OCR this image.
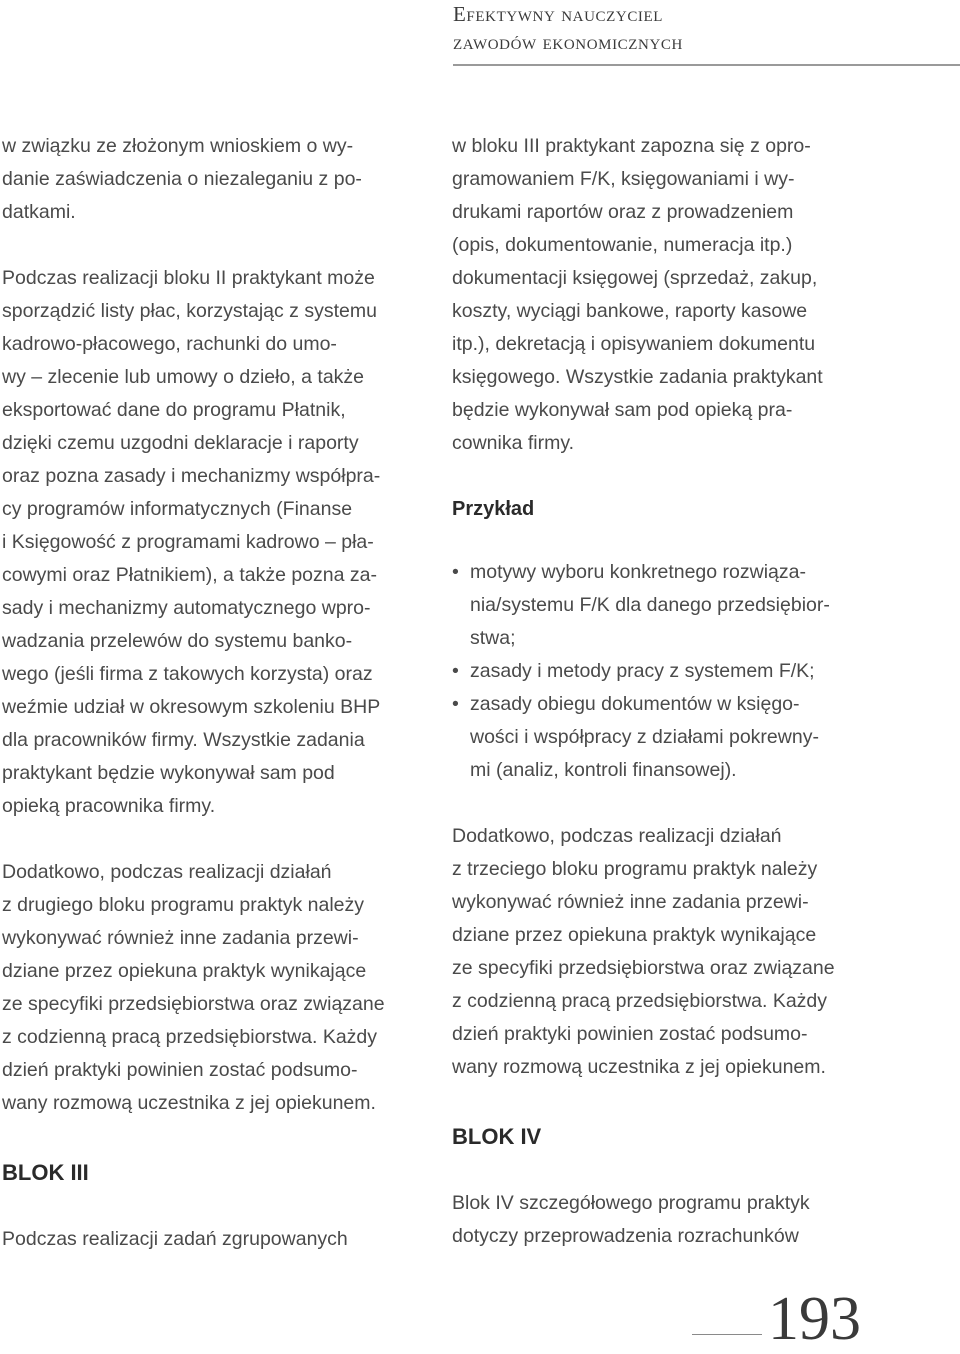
Efektywny nauczyciel

zawodów ekonomicznych

w związku ze złożonym wnioskiem o wy-
danie zaświadczenia o niezaleganiu z po-
datkami.

Podczas realizacji bloku II praktykant może
sporządzić listy płac, korzystając z systemu
kadrowo-płacowego, rachunki do umo-
wy – zlecenie lub umowy o dzieło, a także
eksportować dane do programu Płatnik,
dzięki czemu uzgodni deklaracje i raporty
oraz pozna zasady i mechanizmy współpra-
cy programów informatycznych (Finanse
i Księgowość z programami kadrowo – pła-
cowymi oraz Płatnikiem), a także pozna za-
sady i mechanizmy automatycznego wpro-
wadzania przelewów do systemu banko-
wego (jeśli firma z takowych korzysta) oraz
weźmie udział w okresowym szkoleniu BHP
dla pracowników firmy. Wszystkie zadania
praktykant będzie wykonywał sam pod
opieką pracownika firmy.

Dodatkowo, podczas realizacji działań
z drugiego bloku programu praktyk należy
wykonywać również inne zadania przewi-
dziane przez opiekuna praktyk wynikające
ze specyfiki przedsiębiorstwa oraz związane
z codzienną pracą przedsiębiorstwa. Każdy
dzień praktyki powinien zostać podsumo-
wany rozmową uczestnika z jej opiekunem.

BLOK III

Podczas realizacji zadań zgrupowanych

w bloku III praktykant zapozna się z opro-
gramowaniem F/K, księgowaniami i wy-
drukami raportów oraz z prowadzeniem
(opis, dokumentowanie, numeracja itp.)
dokumentacji księgowej (sprzedaż, zakup,
koszty, wyciągi bankowe, raporty kasowe
itp.), dekretacją i opisywaniem dokumentu
księgowego. Wszystkie zadania praktykant
będzie wykonywał sam pod opieką pra-
cownika firmy.

Przykład

• motywy wyboru konkretnego rozwiąza-
nia/systemu F/K dla danego przedsiębior-
stwa;
• zasady i metody pracy z systemem F/K;
• zasady obiegu dokumentów w księgo-
wości i współpracy z działami pokrewny-
mi (analiz, kontroli finansowej).

Dodatkowo, podczas realizacji działań
z trzeciego bloku programu praktyk należy
wykonywać również inne zadania przewi-
dziane przez opiekuna praktyk wynikające
ze specyfiki przedsiębiorstwa oraz związane
z codzienną pracą przedsiębiorstwa. Każdy
dzień praktyki powinien zostać podsumo-
wany rozmową uczestnika z jej opiekunem.

BLOK IV

Blok IV szczegółowego programu praktyk
dotyczy przeprowadzenia rozrachunków

193
